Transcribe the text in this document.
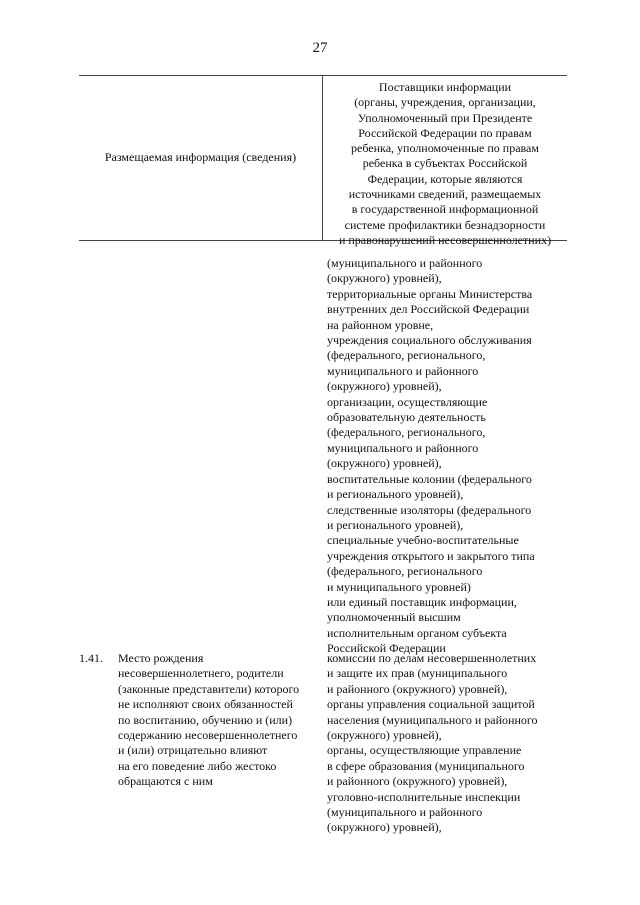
27
Размещаемая информация (сведения)
Поставщики информации
(органы, учреждения, организации,
Уполномоченный при Президенте
Российской Федерации по правам
ребенка, уполномоченные по правам
ребенка в субъектах Российской
Федерации, которые являются
источниками сведений, размещаемых
в государственной информационной
системе профилактики безнадзорности
и правонарушений несовершеннолетних)
(муниципального и районного
(окружного) уровней),
территориальные органы Министерства
внутренних дел Российской Федерации
на районном уровне,
учреждения социального обслуживания
(федерального, регионального,
муниципального и районного
(окружного) уровней),
организации, осуществляющие
образовательную деятельность
(федерального, регионального,
муниципального и районного
(окружного) уровней),
воспитательные колонии (федерального
и регионального уровней),
следственные изоляторы (федерального
и регионального уровней),
специальные учебно-воспитательные
учреждения открытого и закрытого типа
(федерального, регионального
и муниципального уровней)
или единый поставщик информации,
уполномоченный высшим
исполнительным органом субъекта
Российской Федерации
1.41. Место рождения
несовершеннолетнего, родители
(законные представители) которого
не исполняют своих обязанностей
по воспитанию, обучению и (или)
содержанию несовершеннолетнего
и (или) отрицательно влияют
на его поведение либо жестоко
обращаются с ним
комиссии по делам несовершеннолетних
и защите их прав (муниципального
и районного (окружного) уровней),
органы управления социальной защитой
населения (муниципального и районного
(окружного) уровней),
органы, осуществляющие управление
в сфере образования (муниципального
и районного (окружного) уровней),
уголовно-исполнительные инспекции
(муниципального и районного
(окружного) уровней),
